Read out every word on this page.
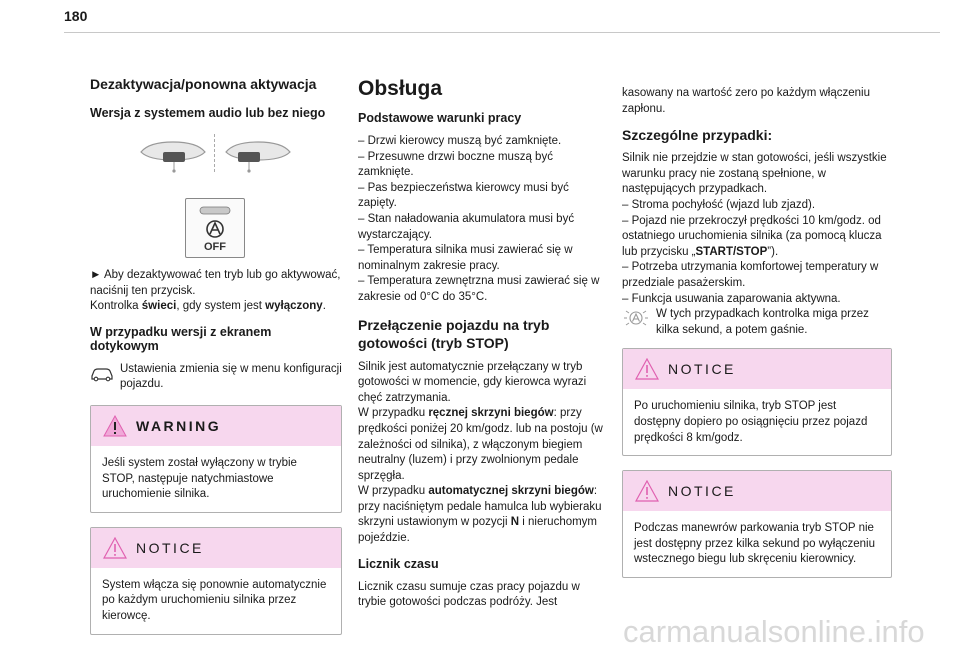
180
Dezaktywacja/ponowna aktywacja
Wersja z systemem audio lub bez niego
OFF

► Aby dezaktywować ten tryb lub go aktywować, naciśnij ten przycisk.
Kontrolka świeci, gdy system jest wyłączony.

W przypadku wersji z ekranem dotykowym

Ustawienia zmienia się w menu konfiguracji pojazdu.

WARNING

Jeśli system został wyłączony w trybie STOP, następuje natychmiastowe uruchomienie silnika.

NOTICE

System włącza się ponownie automatycznie po każdym uruchomieniu silnika przez kierowcę.

Obsługa
Podstawowe warunki pracy

– Drzwi kierowcy muszą być zamknięte.

– Przesuwne drzwi boczne muszą być zamknięte.

– Pas bezpieczeństwa kierowcy musi być zapięty.

– Stan naładowania akumulatora musi być wystarczający.

– Temperatura silnika musi zawierać się w nominalnym zakresie pracy.

– Temperatura zewnętrzna musi zawierać się w zakresie od 0°C do 35°C.

Przełączenie pojazdu na tryb gotowości (tryb STOP)

Silnik jest automatycznie przełączany w tryb gotowości w momencie, gdy kierowca wyrazi chęć zatrzymania.

W przypadku ręcznej skrzyni biegów: przy prędkości poniżej 20 km/godz. lub na postoju (w zależności od silnika), z włączonym biegiem neutralny (luzem) i przy zwolnionym pedale sprzęgła.

W przypadku automatycznej skrzyni biegów: przy naciśniętym pedale hamulca lub wybieraku skrzyni ustawionym w pozycji N i nieruchomym pojeździe.

Licznik czasu

Licznik czasu sumuje czas pracy pojazdu w trybie gotowości podczas podróży. Jest

kasowany na wartość zero po każdym włączeniu zapłonu.

Szczególne przypadki:

Silnik nie przejdzie w stan gotowości, jeśli wszystkie warunku pracy nie zostaną spełnione, w następujących przypadkach.

– Stroma pochyłość (wjazd lub zjazd).

– Pojazd nie przekroczył prędkości 10 km/godz. od ostatniego uruchomienia silnika (za pomocą klucza lub przycisku „START/STOP”).

– Potrzeba utrzymania komfortowej temperatury w przedziale pasażerskim.

– Funkcja usuwania zaparowania aktywna.

W tych przypadkach kontrolka miga przez kilka sekund, a potem gaśnie.

NOTICE

Po uruchomieniu silnika, tryb STOP jest dostępny dopiero po osiągnięciu przez pojazd prędkości 8 km/godz.

NOTICE

Podczas manewrów parkowania tryb STOP nie jest dostępny przez kilka sekund po wyłączeniu wstecznego biegu lub skręceniu kierownicy.

carmanualsonline.info
